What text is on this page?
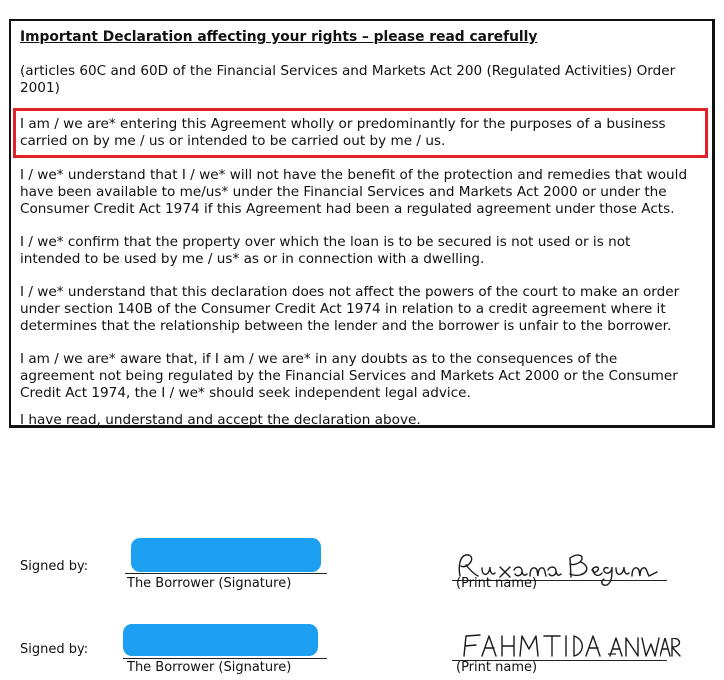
Important Declaration affecting your rights – please read carefully
(articles 60C and 60D of the Financial Services and Markets Act 200 (Regulated Activities) Order
2001)
I am / we are* entering this Agreement wholly or predominantly for the purposes of a business
carried on by me / us or intended to be carried out by me / us.
I / we* understand that I / we* will not have the benefit of the protection and remedies that would
have been available to me/us* under the Financial Services and Markets Act 2000 or under the
Consumer Credit Act 1974 if this Agreement had been a regulated agreement under those Acts.
I / we* confirm that the property over which the loan is to be secured is not used or is not
intended to be used by me / us* as or in connection with a dwelling.
I / we* understand that this declaration does not affect the powers of the court to make an order
under section 140B of the Consumer Credit Act 1974 in relation to a credit agreement where it
determines that the relationship between the lender and the borrower is unfair to the borrower.
I am / we are* aware that, if I am / we are* in any doubts as to the consequences of the
agreement not being regulated by the Financial Services and Markets Act 2000 or the Consumer
Credit Act 1974, the I / we* should seek independent legal advice.
I have read, understand and accept the declaration above.
Signed by:
The Borrower (Signature)	(Print name)
Signed by:
The Borrower (Signature)	(Print name)
